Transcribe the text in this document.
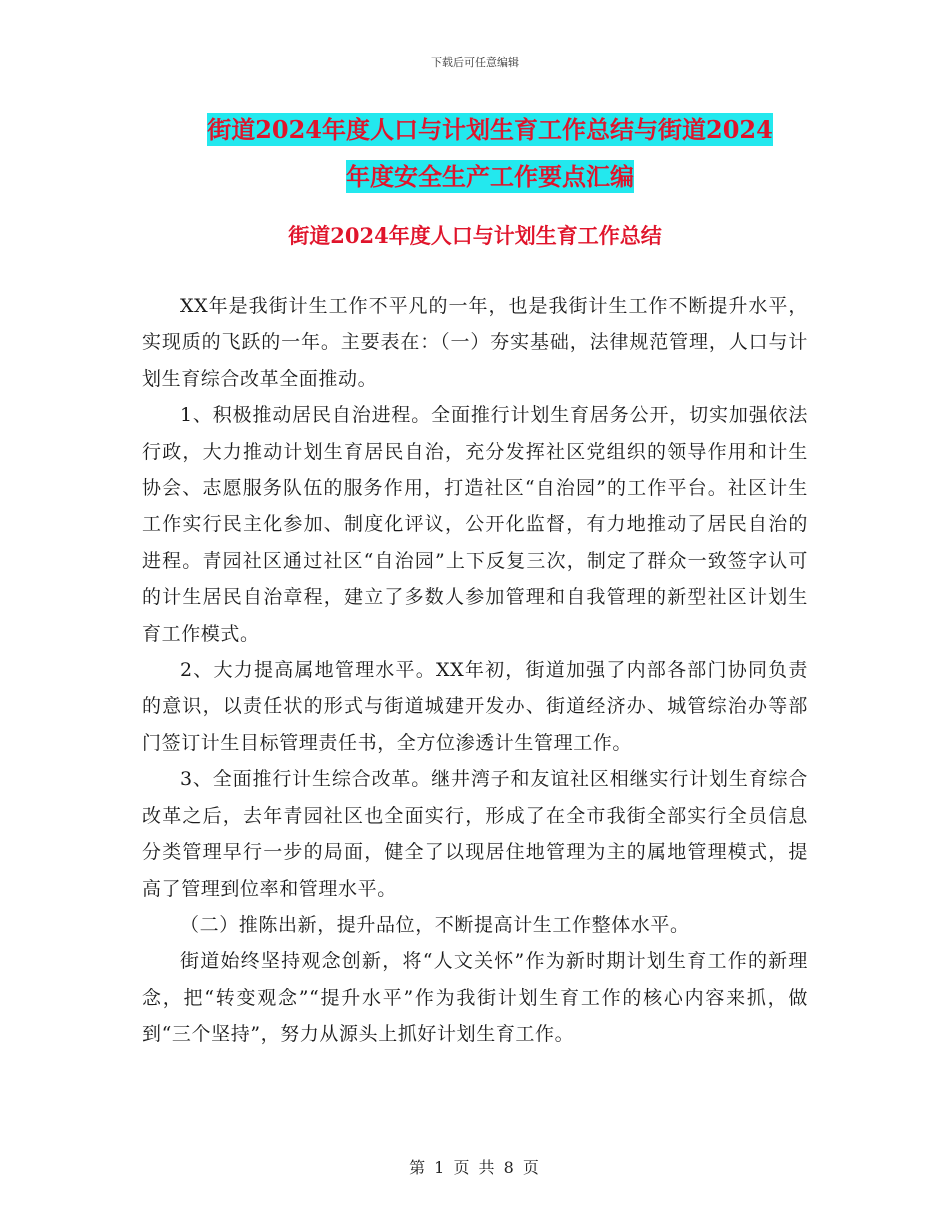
下载后可任意编辑
街道2024年度人口与计划生育工作总结与街道2024
年度安全生产工作要点汇编
街道2024年度人口与计划生育工作总结

XX年是我街计生工作不平凡的一年，也是我街计生工作不断提升水平，实现质的飞跃的一年。主要表在：（一）夯实基础，法律规范管理，人口与计划生育综合改革全面推动。

1、积极推动居民自治进程。全面推行计划生育居务公开，切实加强依法行政，大力推动计划生育居民自治，充分发挥社区党组织的领导作用和计生协会、志愿服务队伍的服务作用，打造社区“自治园”的工作平台。社区计生工作实行民主化参加、制度化评议，公开化监督，有力地推动了居民自治的进程。青园社区通过社区“自治园”上下反复三次，制定了群众一致签字认可的计生居民自治章程，建立了多数人参加管理和自我管理的新型社区计划生育工作模式。

2、大力提高属地管理水平。XX年初，街道加强了内部各部门协同负责的意识，以责任状的形式与街道城建开发办、街道经济办、城管综治办等部门签订计生目标管理责任书，全方位渗透计生管理工作。

3、全面推行计生综合改革。继井湾子和友谊社区相继实行计划生育综合改革之后，去年青园社区也全面实行，形成了在全市我街全部实行全员信息分类管理早行一步的局面，健全了以现居住地管理为主的属地管理模式，提高了管理到位率和管理水平。

（二）推陈出新，提升品位，不断提高计生工作整体水平。

街道始终坚持观念创新，将“人文关怀”作为新时期计划生育工作的新理念，把“转变观念”“提升水平”作为我街计划生育工作的核心内容来抓，做到“三个坚持”，努力从源头上抓好计划生育工作。

第 1 页 共 8 页
